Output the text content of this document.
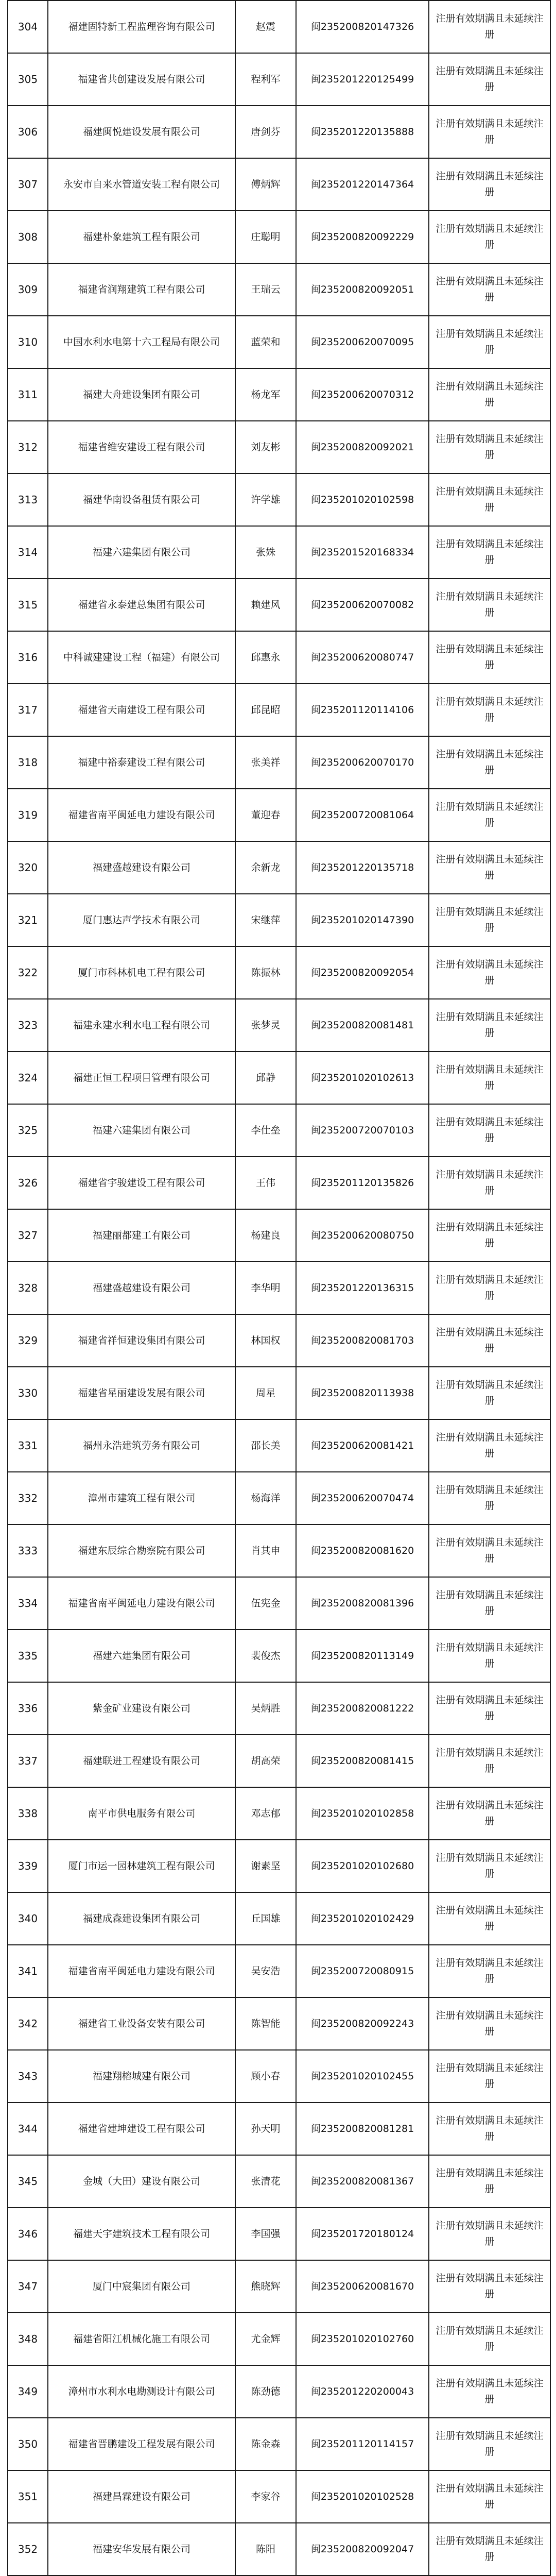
304	福建固特新工程监理咨询有限公司	赵震	闽235200820147326	注册有效期满且未延续注册
305	福建省共创建设发展有限公司	程利军	闽235201220125499	注册有效期满且未延续注册
306	福建闽悦建设发展有限公司	唐剑芬	闽235201220135888	注册有效期满且未延续注册
307	永安市自来水管道安装工程有限公司	傅炳辉	闽235201220147364	注册有效期满且未延续注册
308	福建朴象建筑工程有限公司	庄聪明	闽235200820092229	注册有效期满且未延续注册
309	福建省润翔建筑工程有限公司	王瑞云	闽235200820092051	注册有效期满且未延续注册
310	中国水利水电第十六工程局有限公司	蓝荣和	闽235200620070095	注册有效期满且未延续注册
311	福建大舟建设集团有限公司	杨龙军	闽235200620070312	注册有效期满且未延续注册
312	福建省维安建设工程有限公司	刘友彬	闽235200820092021	注册有效期满且未延续注册
313	福建华南设备租赁有限公司	许学雄	闽235201020102598	注册有效期满且未延续注册
314	福建六建集团有限公司	张姝	闽235201520168334	注册有效期满且未延续注册
315	福建省永泰建总集团有限公司	赖建风	闽235200620070082	注册有效期满且未延续注册
316	中科诚建建设工程（福建）有限公司	邱惠永	闽235200620080747	注册有效期满且未延续注册
317	福建省天南建设工程有限公司	邱昆昭	闽235201120114106	注册有效期满且未延续注册
318	福建中裕泰建设工程有限公司	张美祥	闽235200620070170	注册有效期满且未延续注册
319	福建省南平闽延电力建设有限公司	董迎春	闽235200720081064	注册有效期满且未延续注册
320	福建盛越建设有限公司	余新龙	闽235201220135718	注册有效期满且未延续注册
321	厦门惠达声学技术有限公司	宋继萍	闽235201020147390	注册有效期满且未延续注册
322	厦门市科林机电工程有限公司	陈振林	闽235200820092054	注册有效期满且未延续注册
323	福建永建水利水电工程有限公司	张梦灵	闽235200820081481	注册有效期满且未延续注册
324	福建正恒工程项目管理有限公司	邱静	闽235201020102613	注册有效期满且未延续注册
325	福建六建集团有限公司	李仕垒	闽235200720070103	注册有效期满且未延续注册
326	福建省宇骏建设工程有限公司	王伟	闽235201120135826	注册有效期满且未延续注册
327	福建丽都建工有限公司	杨建良	闽235200620080750	注册有效期满且未延续注册
328	福建盛越建设有限公司	李华明	闽235201220136315	注册有效期满且未延续注册
329	福建省祥恒建设集团有限公司	林国权	闽235200820081703	注册有效期满且未延续注册
330	福建省星丽建设发展有限公司	周星	闽235200820113938	注册有效期满且未延续注册
331	福州永浩建筑劳务有限公司	邵长美	闽235200620081421	注册有效期满且未延续注册
332	漳州市建筑工程有限公司	杨海洋	闽235200620070474	注册有效期满且未延续注册
333	福建东辰综合勘察院有限公司	肖其申	闽235200820081620	注册有效期满且未延续注册
334	福建省南平闽延电力建设有限公司	伍宪金	闽235200820081396	注册有效期满且未延续注册
335	福建六建集团有限公司	裴俊杰	闽235200820113149	注册有效期满且未延续注册
336	紫金矿业建设有限公司	吴炳胜	闽235200820081222	注册有效期满且未延续注册
337	福建联进工程建设有限公司	胡高荣	闽235200820081415	注册有效期满且未延续注册
338	南平市供电服务有限公司	邓志郁	闽235201020102858	注册有效期满且未延续注册
339	厦门市运一园林建筑工程有限公司	谢素坚	闽235201020102680	注册有效期满且未延续注册
340	福建成森建设集团有限公司	丘国雄	闽235201020102429	注册有效期满且未延续注册
341	福建省南平闽延电力建设有限公司	吴安浩	闽235200720080915	注册有效期满且未延续注册
342	福建省工业设备安装有限公司	陈智能	闽235200820092243	注册有效期满且未延续注册
343	福建翔榕城建有限公司	顾小春	闽235201020102455	注册有效期满且未延续注册
344	福建省建坤建设工程有限公司	孙天明	闽235200820081281	注册有效期满且未延续注册
345	金城（大田）建设有限公司	张清花	闽235200820081367	注册有效期满且未延续注册
346	福建天宇建筑技术工程有限公司	李国强	闽235201720180124	注册有效期满且未延续注册
347	厦门中宸集团有限公司	熊晓辉	闽235200620081670	注册有效期满且未延续注册
348	福建省阳江机械化施工有限公司	尤金辉	闽235201020102760	注册有效期满且未延续注册
349	漳州市水利水电勘测设计有限公司	陈劲德	闽235201220200043	注册有效期满且未延续注册
350	福建省晋鹏建设工程发展有限公司	陈金森	闽235201120114157	注册有效期满且未延续注册
351	福建昌霖建设有限公司	李家谷	闽235201020102528	注册有效期满且未延续注册
352	福建安华发展有限公司	陈阳	闽235200820092047	注册有效期满且未延续注册
